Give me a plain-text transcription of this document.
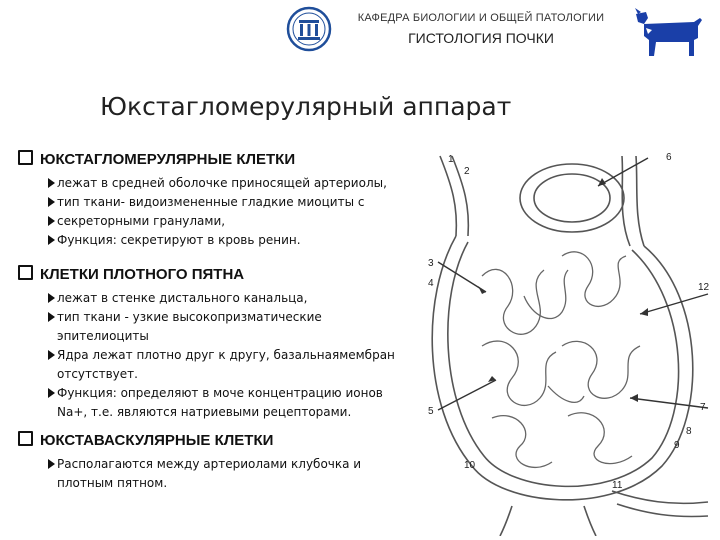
КАФЕДРА БИОЛОГИИ И ОБЩЕЙ ПАТОЛОГИИ
ГИСТОЛОГИЯ ПОЧКИ
Юкстагломерулярный аппарат
ЮКСТАГЛОМЕРУЛЯРНЫЕ КЛЕТКИ
лежат в средней оболочке приносящей артериолы,
тип ткани- видоизмененные гладкие миоциты с
секреторными гранулами,
Функция: секретируют в кровь ренин.
КЛЕТКИ ПЛОТНОГО ПЯТНА
лежат в стенке дистального канальца,
тип ткани - узкие высокопризматические
эпителиоциты
Ядра лежат плотно друг к другу, базальнаямембран
отсутствует.
Функция: определяют в моче концентрацию ионов
Na+, т.е. являются натриевыми рецепторами.
ЮКСТАВАСКУЛЯРНЫЕ КЛЕТКИ
Располагаются между артериолами клубочка и
плотным пятном.
1
2
3
4
5
6
7
8
9
10
11
12
